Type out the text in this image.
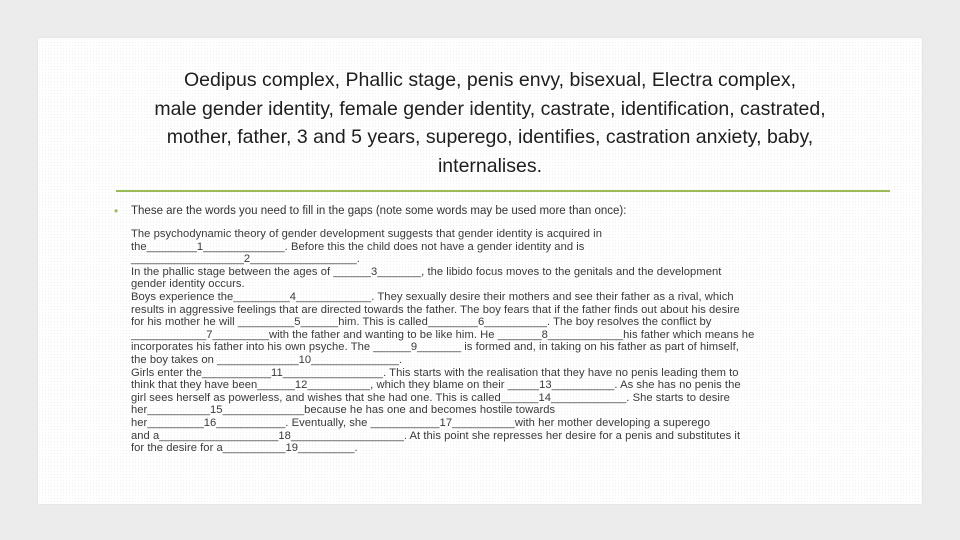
Oedipus complex, Phallic stage, penis envy, bisexual, Electra complex,
male gender identity, female gender identity, castrate, identification, castrated,
mother, father, 3 and 5 years, superego, identifies, castration anxiety, baby,
internalises.
• These are the words you need to fill in the gaps (note some words may be used more than once):
The psychodynamic theory of gender development suggests that gender identity is acquired in
the________1_____________. Before this the child does not have a gender identity and is
__________________2_________________.
In the phallic stage between the ages of ______3_______, the libido focus moves to the genitals and the development
gender identity occurs.
Boys experience the_________4____________. They sexually desire their mothers and see their father as a rival, which
results in aggressive feelings that are directed towards the father. The boy fears that if the father finds out about his desire
for his mother he will _________5______him. This is called________6__________. The boy resolves the conflict by
____________7_________with the father and wanting to be like him. He _______8____________his father which means he
incorporates his father into his own psyche. The ______9_______ is formed and, in taking on his father as part of himself,
the boy takes on _____________10______________.
Girls enter the___________11________________. This starts with the realisation that they have no penis leading them to
think that they have been______12__________, which they blame on their _____13__________. As she has no penis the
girl sees herself as powerless, and wishes that she had one. This is called______14____________. She starts to desire
her__________15_____________because he has one and becomes hostile towards
her_________16___________. Eventually, she ___________17__________with her mother developing a superego
and a___________________18__________________. At this point she represses her desire for a penis and substitutes it
for the desire for a__________19_________.
